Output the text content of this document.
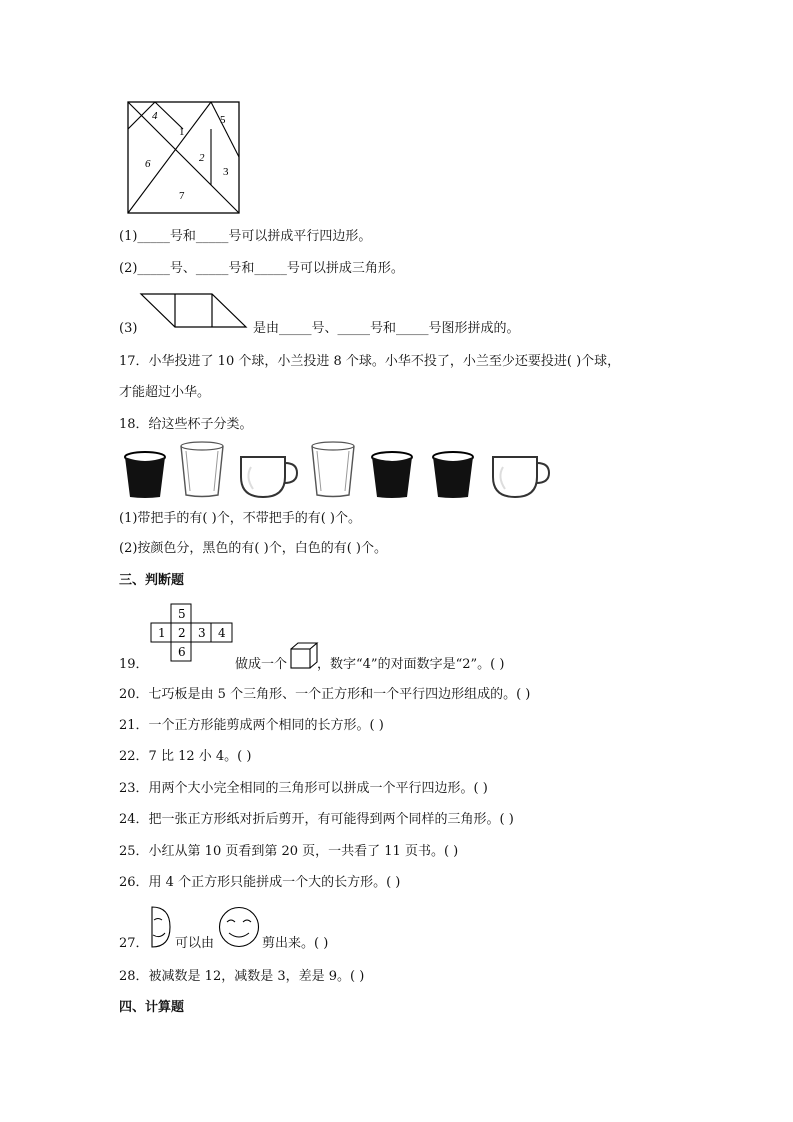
4
1
5
2
3
6
7
(1)_____号和_____号可以拼成平行四边形。
(2)_____号、_____号和_____号可以拼成三角形。
(3)	是由_____号、_____号和_____号图形拼成的。
17．小华投进了 10 个球，小兰投进 8 个球。小华不投了，小兰至少还要投进( )个球，
才能超过小华。
18．给这些杯子分类。
(1)带把手的有( )个，不带把手的有( )个。
(2)按颜色分，黑色的有( )个，白色的有( )个。
三、判断题
5
1 2 3 4
6
19．	做成一个 ，数字“4”的对面数字是“2”。( )
20．七巧板是由 5 个三角形、一个正方形和一个平行四边形组成的。( )
21．一个正方形能剪成两个相同的长方形。( )
22．7 比 12 小 4。( )
23．用两个大小完全相同的三角形可以拼成一个平行四边形。( )
24．把一张正方形纸对折后剪开，有可能得到两个同样的三角形。( )
25．小红从第 10 页看到第 20 页，一共看了 11 页书。( )
26．用 4 个正方形只能拼成一个大的长方形。( )
27． 可以由	剪出来。( )
28．被减数是 12，减数是 3，差是 9。( )
四、计算题
